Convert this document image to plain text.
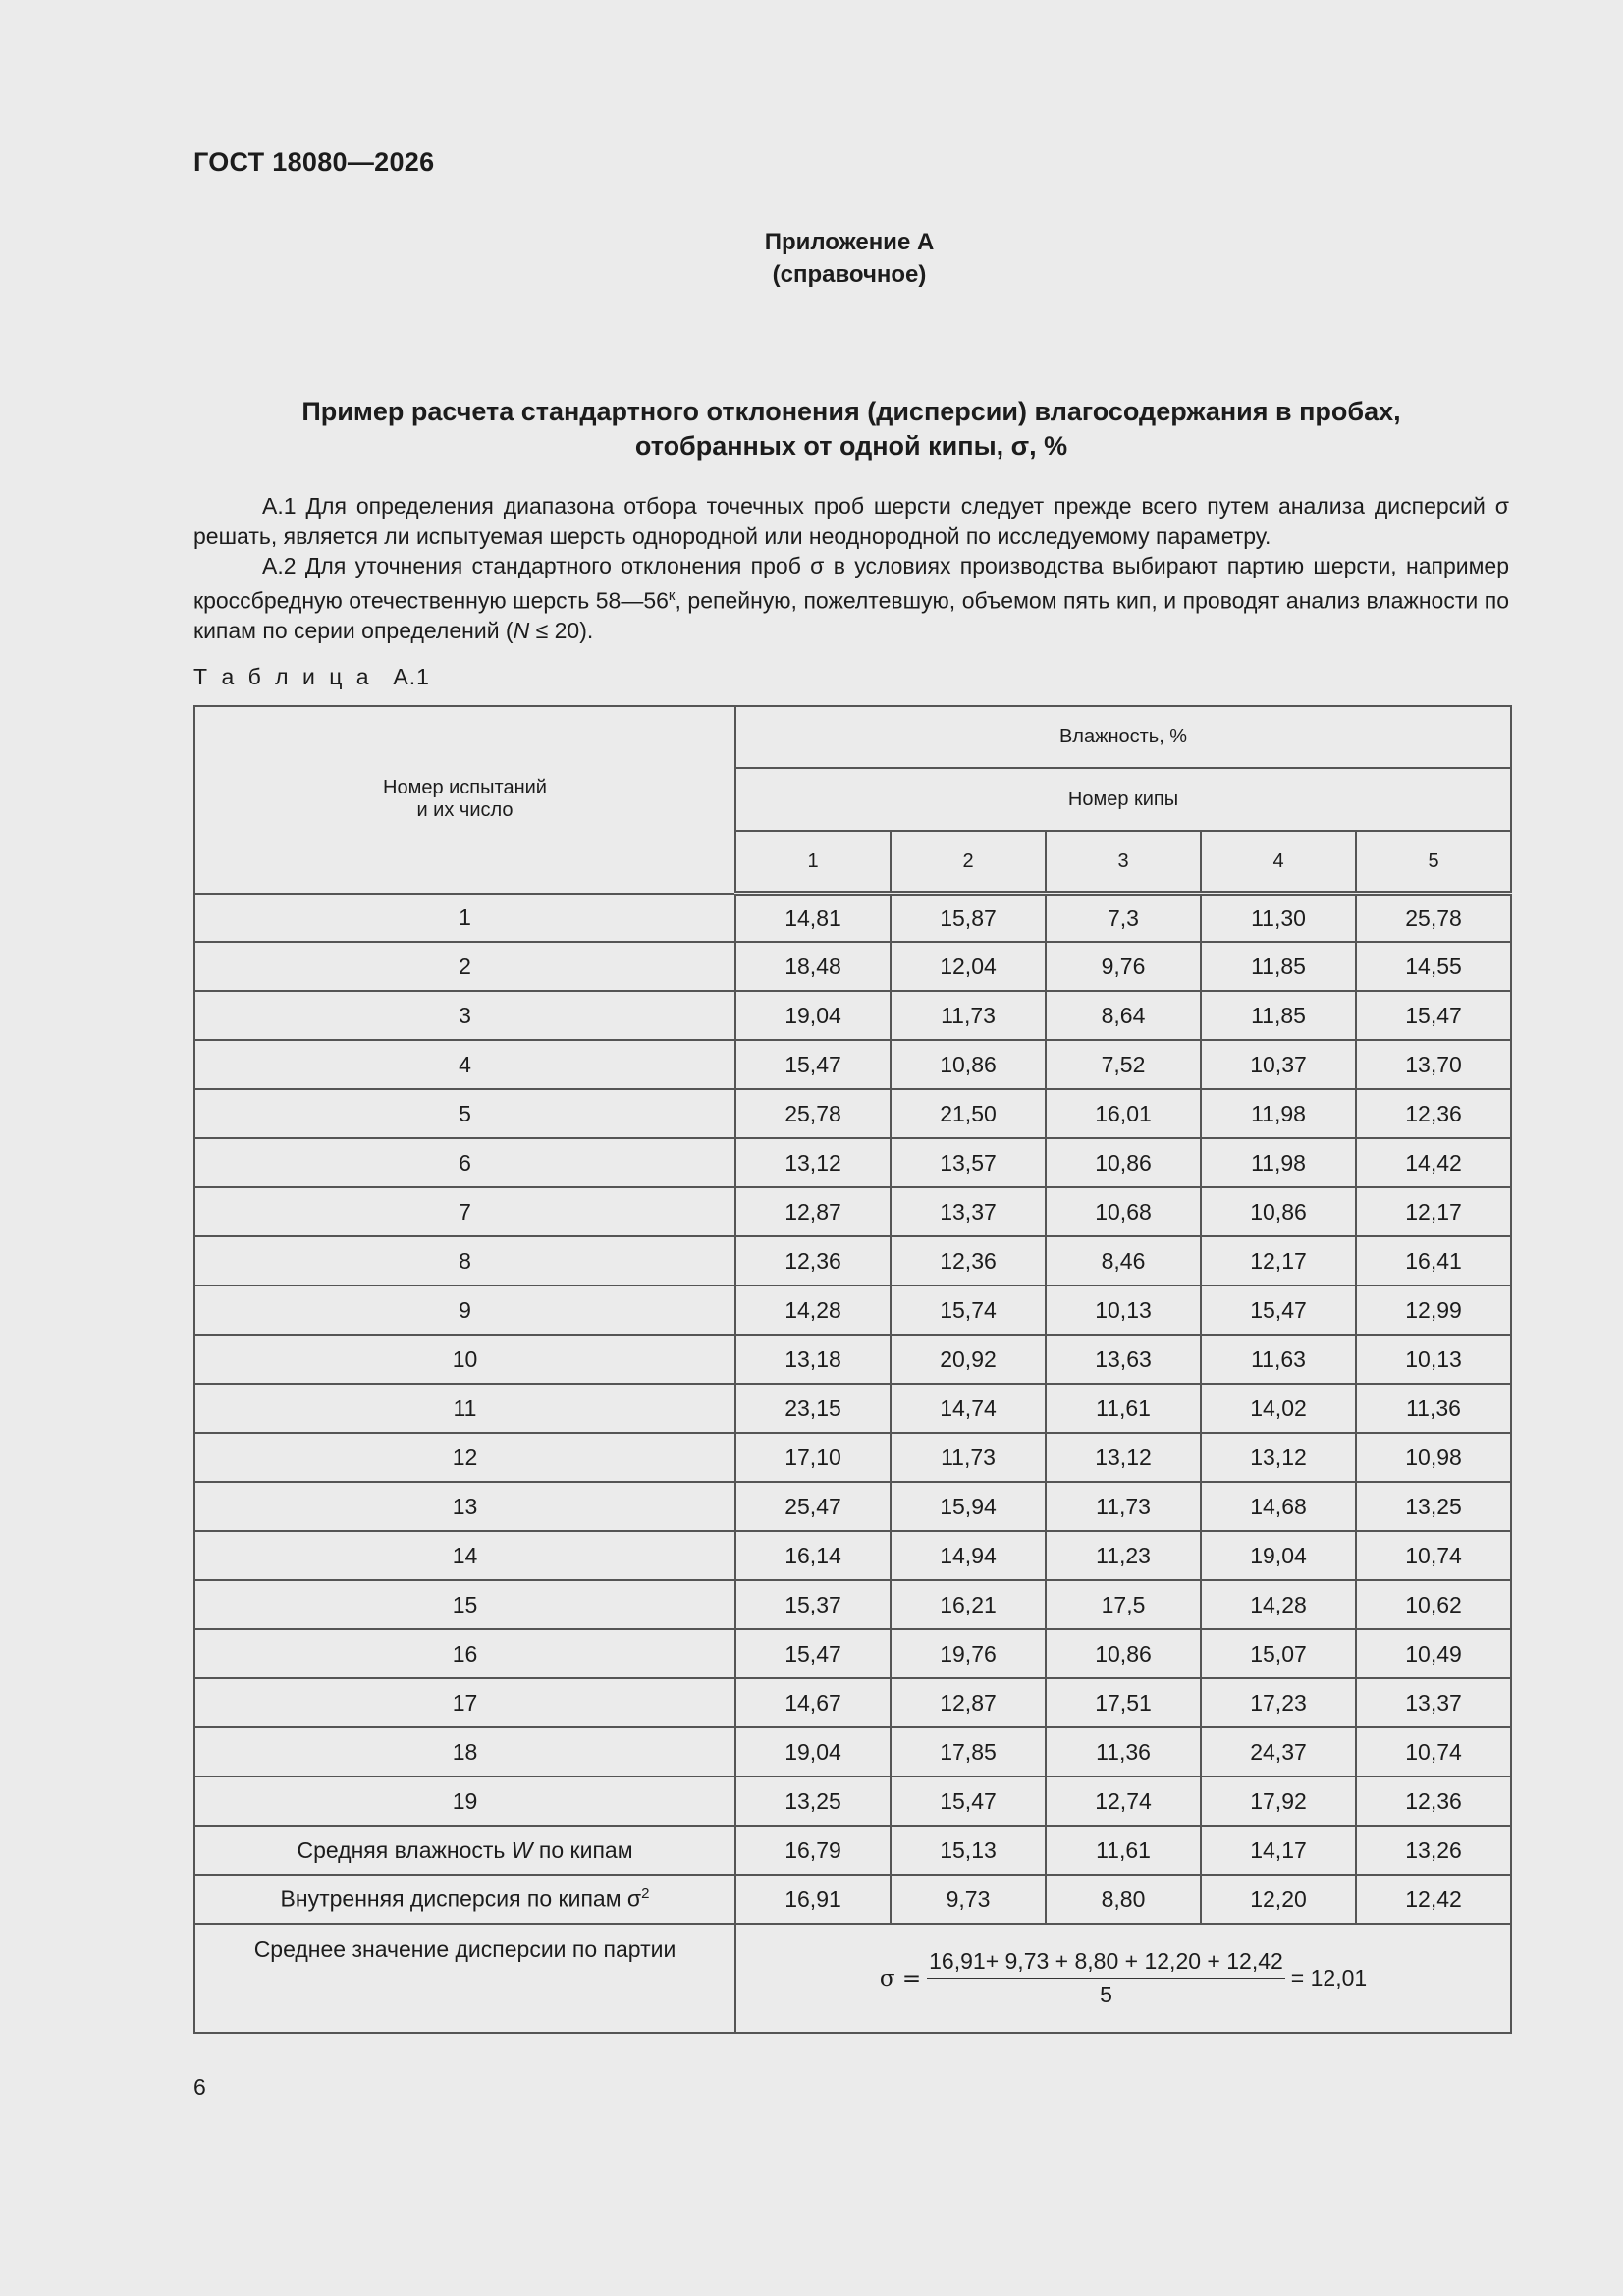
ГОСТ 18080—2026
Приложение А
(справочное)
Пример расчета стандартного отклонения (дисперсии) влагосодержания в пробах,
отобранных от одной кипы, σ, %

А.1 Для определения диапазона отбора точечных проб шерсти следует прежде всего путем анализа дисперсий σ решать, является ли испытуемая шерсть однородной или неоднородной по исследуемому параметру.

А.2 Для уточнения стандартного отклонения проб σ в условиях производства выбирают партию шерсти, например кроссбредную отечественную шерсть $58—56^к$, репейную, пожелтевшую, объемом пять кип, и проводят анализ влажности по кипам по серии определений (N ≤ 20).

Т а б л и ц а А.1
Номер испытаний
и их число	Влажность, %				
	Номер кипы				
	1	2	3	4	5
1	14,81	15,87	7,3	11,30	25,78
2	18,48	12,04	9,76	11,85	14,55
3	19,04	11,73	8,64	11,85	15,47
4	15,47	10,86	7,52	10,37	13,70
5	25,78	21,50	16,01	11,98	12,36
6	13,12	13,57	10,86	11,98	14,42
7	12,87	13,37	10,68	10,86	12,17
8	12,36	12,36	8,46	12,17	16,41
9	14,28	15,74	10,13	15,47	12,99
10	13,18	20,92	13,63	11,63	10,13
11	23,15	14,74	11,61	14,02	11,36
12	17,10	11,73	13,12	13,12	10,98
13	25,47	15,94	11,73	14,68	13,25
14	16,14	14,94	11,23	19,04	10,74
15	15,37	16,21	17,5	14,28	10,62
16	15,47	19,76	10,86	15,07	10,49
17	14,67	12,87	17,51	17,23	13,37
18	19,04	17,85	11,36	24,37	10,74
19	13,25	15,47	12,74	17,92	12,36
Средняя влажность W по кипам	16,79	15,13	11,61	14,17	13,26
Внутренняя дисперсия по кипам $\sigma^2$	16,91	9,73	8,80	12,20	12,42
Среднее значение дисперсии по партии	$\sigma = \frac{16,91+ 9,73 + 8,80 + 12,20 + 12,42}{5} = 12,01$				
6
